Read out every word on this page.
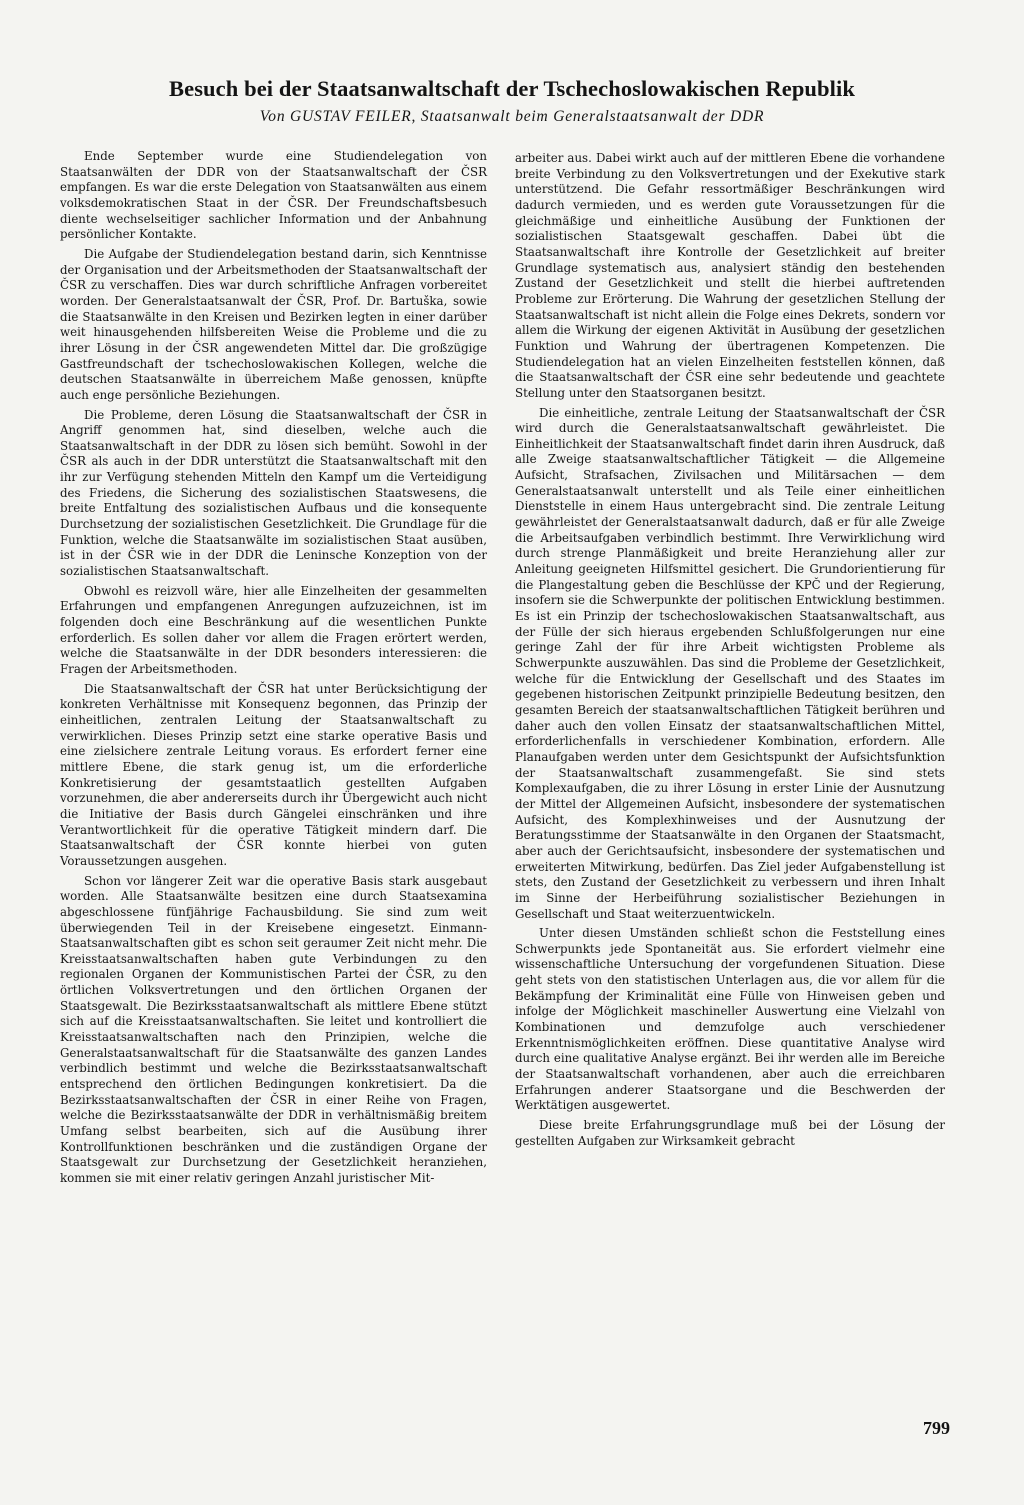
Besuch bei der Staatsanwaltschaft der Tschechoslowakischen Republik
Von GUSTAV FEILER, Staatsanwalt beim Generalstaatsanwalt der DDR

Ende September wurde eine Studiendelegation von Staatsanwälten der DDR von der Staatsanwaltschaft der ČSR empfangen. Es war die erste Delegation von Staatsanwälten aus einem volksdemokratischen Staat in der ČSR. Der Freundschaftsbesuch diente wechselseitiger sachlicher Information und der Anbahnung persönlicher Kontakte.

Die Aufgabe der Studiendelegation bestand darin, sich Kenntnisse der Organisation und der Arbeitsmethoden der Staatsanwaltschaft der ČSR zu verschaffen. Dies war durch schriftliche Anfragen vorbereitet worden. Der Generalstaatsanwalt der ČSR, Prof. Dr. Bartuška, sowie die Staatsanwälte in den Kreisen und Bezirken legten in einer darüber weit hinausgehenden hilfsbereiten Weise die Probleme und die zu ihrer Lösung in der ČSR angewendeten Mittel dar. Die großzügige Gastfreundschaft der tschechoslowakischen Kollegen, welche die deutschen Staatsanwälte in überreichem Maße genossen, knüpfte auch enge persönliche Beziehungen.

Die Probleme, deren Lösung die Staatsanwaltschaft der ČSR in Angriff genommen hat, sind dieselben, welche auch die Staatsanwaltschaft in der DDR zu lösen sich bemüht. Sowohl in der ČSR als auch in der DDR unterstützt die Staatsanwaltschaft mit den ihr zur Verfügung stehenden Mitteln den Kampf um die Verteidigung des Friedens, die Sicherung des sozialistischen Staatswesens, die breite Entfaltung des sozialistischen Aufbaus und die konsequente Durchsetzung der sozialistischen Gesetzlichkeit. Die Grundlage für die Funktion, welche die Staatsanwälte im sozialistischen Staat ausüben, ist in der ČSR wie in der DDR die Leninsche Konzeption von der sozialistischen Staatsanwaltschaft.

Obwohl es reizvoll wäre, hier alle Einzelheiten der gesammelten Erfahrungen und empfangenen Anregungen aufzuzeichnen, ist im folgenden doch eine Beschränkung auf die wesentlichen Punkte erforderlich. Es sollen daher vor allem die Fragen erörtert werden, welche die Staatsanwälte in der DDR besonders interessieren: die Fragen der Arbeitsmethoden.

Die Staatsanwaltschaft der ČSR hat unter Berücksichtigung der konkreten Verhältnisse mit Konsequenz begonnen, das Prinzip der einheitlichen, zentralen Leitung der Staatsanwaltschaft zu verwirklichen. Dieses Prinzip setzt eine starke operative Basis und eine zielsichere zentrale Leitung voraus. Es erfordert ferner eine mittlere Ebene, die stark genug ist, um die erforderliche Konkretisierung der gesamtstaatlich gestellten Aufgaben vorzunehmen, die aber andererseits durch ihr Übergewicht auch nicht die Initiative der Basis durch Gängelei einschränken und ihre Verantwortlichkeit für die operative Tätigkeit mindern darf. Die Staatsanwaltschaft der ČSR konnte hierbei von guten Voraussetzungen ausgehen.

Schon vor längerer Zeit war die operative Basis stark ausgebaut worden. Alle Staatsanwälte besitzen eine durch Staatsexamina abgeschlossene fünfjährige Fachausbildung. Sie sind zum weit überwiegenden Teil in der Kreisebene eingesetzt. Einmann-Staatsanwaltschaften gibt es schon seit geraumer Zeit nicht mehr. Die Kreisstaatsanwaltschaften haben gute Verbindungen zu den regionalen Organen der Kommunistischen Partei der ČSR, zu den örtlichen Volksvertretungen und den örtlichen Organen der Staatsgewalt. Die Bezirksstaatsanwaltschaft als mittlere Ebene stützt sich auf die Kreisstaatsanwaltschaften. Sie leitet und kontrolliert die Kreisstaatsanwaltschaften nach den Prinzipien, welche die Generalstaatsanwaltschaft für die Staatsanwälte des ganzen Landes verbindlich bestimmt und welche die Bezirksstaatsanwaltschaft entsprechend den örtlichen Bedingungen konkretisiert. Da die Bezirksstaatsanwaltschaften der ČSR in einer Reihe von Fragen, welche die Bezirksstaatsanwälte der DDR in verhältnismäßig breitem Umfang selbst bearbeiten, sich auf die Ausübung ihrer Kontrollfunktionen beschränken und die zuständigen Organe der Staatsgewalt zur Durchsetzung der Gesetzlichkeit heranziehen, kommen sie mit einer relativ geringen Anzahl juristischer Mit-

arbeiter aus. Dabei wirkt auch auf der mittleren Ebene die vorhandene breite Verbindung zu den Volksvertretungen und der Exekutive stark unterstützend. Die Gefahr ressortmäßiger Beschränkungen wird dadurch vermieden, und es werden gute Voraussetzungen für die gleichmäßige und einheitliche Ausübung der Funktionen der sozialistischen Staatsgewalt geschaffen. Dabei übt die Staatsanwaltschaft ihre Kontrolle der Gesetzlichkeit auf breiter Grundlage systematisch aus, analysiert ständig den bestehenden Zustand der Gesetzlichkeit und stellt die hierbei auftretenden Probleme zur Erörterung. Die Wahrung der gesetzlichen Stellung der Staatsanwaltschaft ist nicht allein die Folge eines Dekrets, sondern vor allem die Wirkung der eigenen Aktivität in Ausübung der gesetzlichen Funktion und Wahrung der übertragenen Kompetenzen. Die Studiendelegation hat an vielen Einzelheiten feststellen können, daß die Staatsanwaltschaft der ČSR eine sehr bedeutende und geachtete Stellung unter den Staatsorganen besitzt.

Die einheitliche, zentrale Leitung der Staatsanwaltschaft der ČSR wird durch die Generalstaatsanwaltschaft gewährleistet. Die Einheitlichkeit der Staatsanwaltschaft findet darin ihren Ausdruck, daß alle Zweige staatsanwaltschaftlicher Tätigkeit — die Allgemeine Aufsicht, Strafsachen, Zivilsachen und Militärsachen — dem Generalstaatsanwalt unterstellt und als Teile einer einheitlichen Dienststelle in einem Haus untergebracht sind. Die zentrale Leitung gewährleistet der Generalstaatsanwalt dadurch, daß er für alle Zweige die Arbeitsaufgaben verbindlich bestimmt. Ihre Verwirklichung wird durch strenge Planmäßigkeit und breite Heranziehung aller zur Anleitung geeigneten Hilfsmittel gesichert. Die Grundorientierung für die Plangestaltung geben die Beschlüsse der KPČ und der Regierung, insofern sie die Schwerpunkte der politischen Entwicklung bestimmen. Es ist ein Prinzip der tschechoslowakischen Staatsanwaltschaft, aus der Fülle der sich hieraus ergebenden Schlußfolgerungen nur eine geringe Zahl der für ihre Arbeit wichtigsten Probleme als Schwerpunkte auszuwählen. Das sind die Probleme der Gesetzlichkeit, welche für die Entwicklung der Gesellschaft und des Staates im gegebenen historischen Zeitpunkt prinzipielle Bedeutung besitzen, den gesamten Bereich der staatsanwaltschaftlichen Tätigkeit berühren und daher auch den vollen Einsatz der staatsanwaltschaftlichen Mittel, erforderlichenfalls in verschiedener Kombination, erfordern. Alle Planaufgaben werden unter dem Gesichtspunkt der Aufsichtsfunktion der Staatsanwaltschaft zusammengefaßt. Sie sind stets Komplexaufgaben, die zu ihrer Lösung in erster Linie der Ausnutzung der Mittel der Allgemeinen Aufsicht, insbesondere der systematischen Aufsicht, des Komplexhinweises und der Ausnutzung der Beratungsstimme der Staatsanwälte in den Organen der Staatsmacht, aber auch der Gerichtsaufsicht, insbesondere der systematischen und erweiterten Mitwirkung, bedürfen. Das Ziel jeder Aufgabenstellung ist stets, den Zustand der Gesetzlichkeit zu verbessern und ihren Inhalt im Sinne der Herbeiführung sozialistischer Beziehungen in Gesellschaft und Staat weiterzuentwickeln.

Unter diesen Umständen schließt schon die Feststellung eines Schwerpunkts jede Spontaneität aus. Sie erfordert vielmehr eine wissenschaftliche Untersuchung der vorgefundenen Situation. Diese geht stets von den statistischen Unterlagen aus, die vor allem für die Bekämpfung der Kriminalität eine Fülle von Hinweisen geben und infolge der Möglichkeit maschineller Auswertung eine Vielzahl von Kombinationen und demzufolge auch verschiedener Erkenntnismöglichkeiten eröffnen. Diese quantitative Analyse wird durch eine qualitative Analyse ergänzt. Bei ihr werden alle im Bereiche der Staatsanwaltschaft vorhandenen, aber auch die erreichbaren Erfahrungen anderer Staatsorgane und die Beschwerden der Werktätigen ausgewertet.

Diese breite Erfahrungsgrundlage muß bei der Lösung der gestellten Aufgaben zur Wirksamkeit gebracht

799
